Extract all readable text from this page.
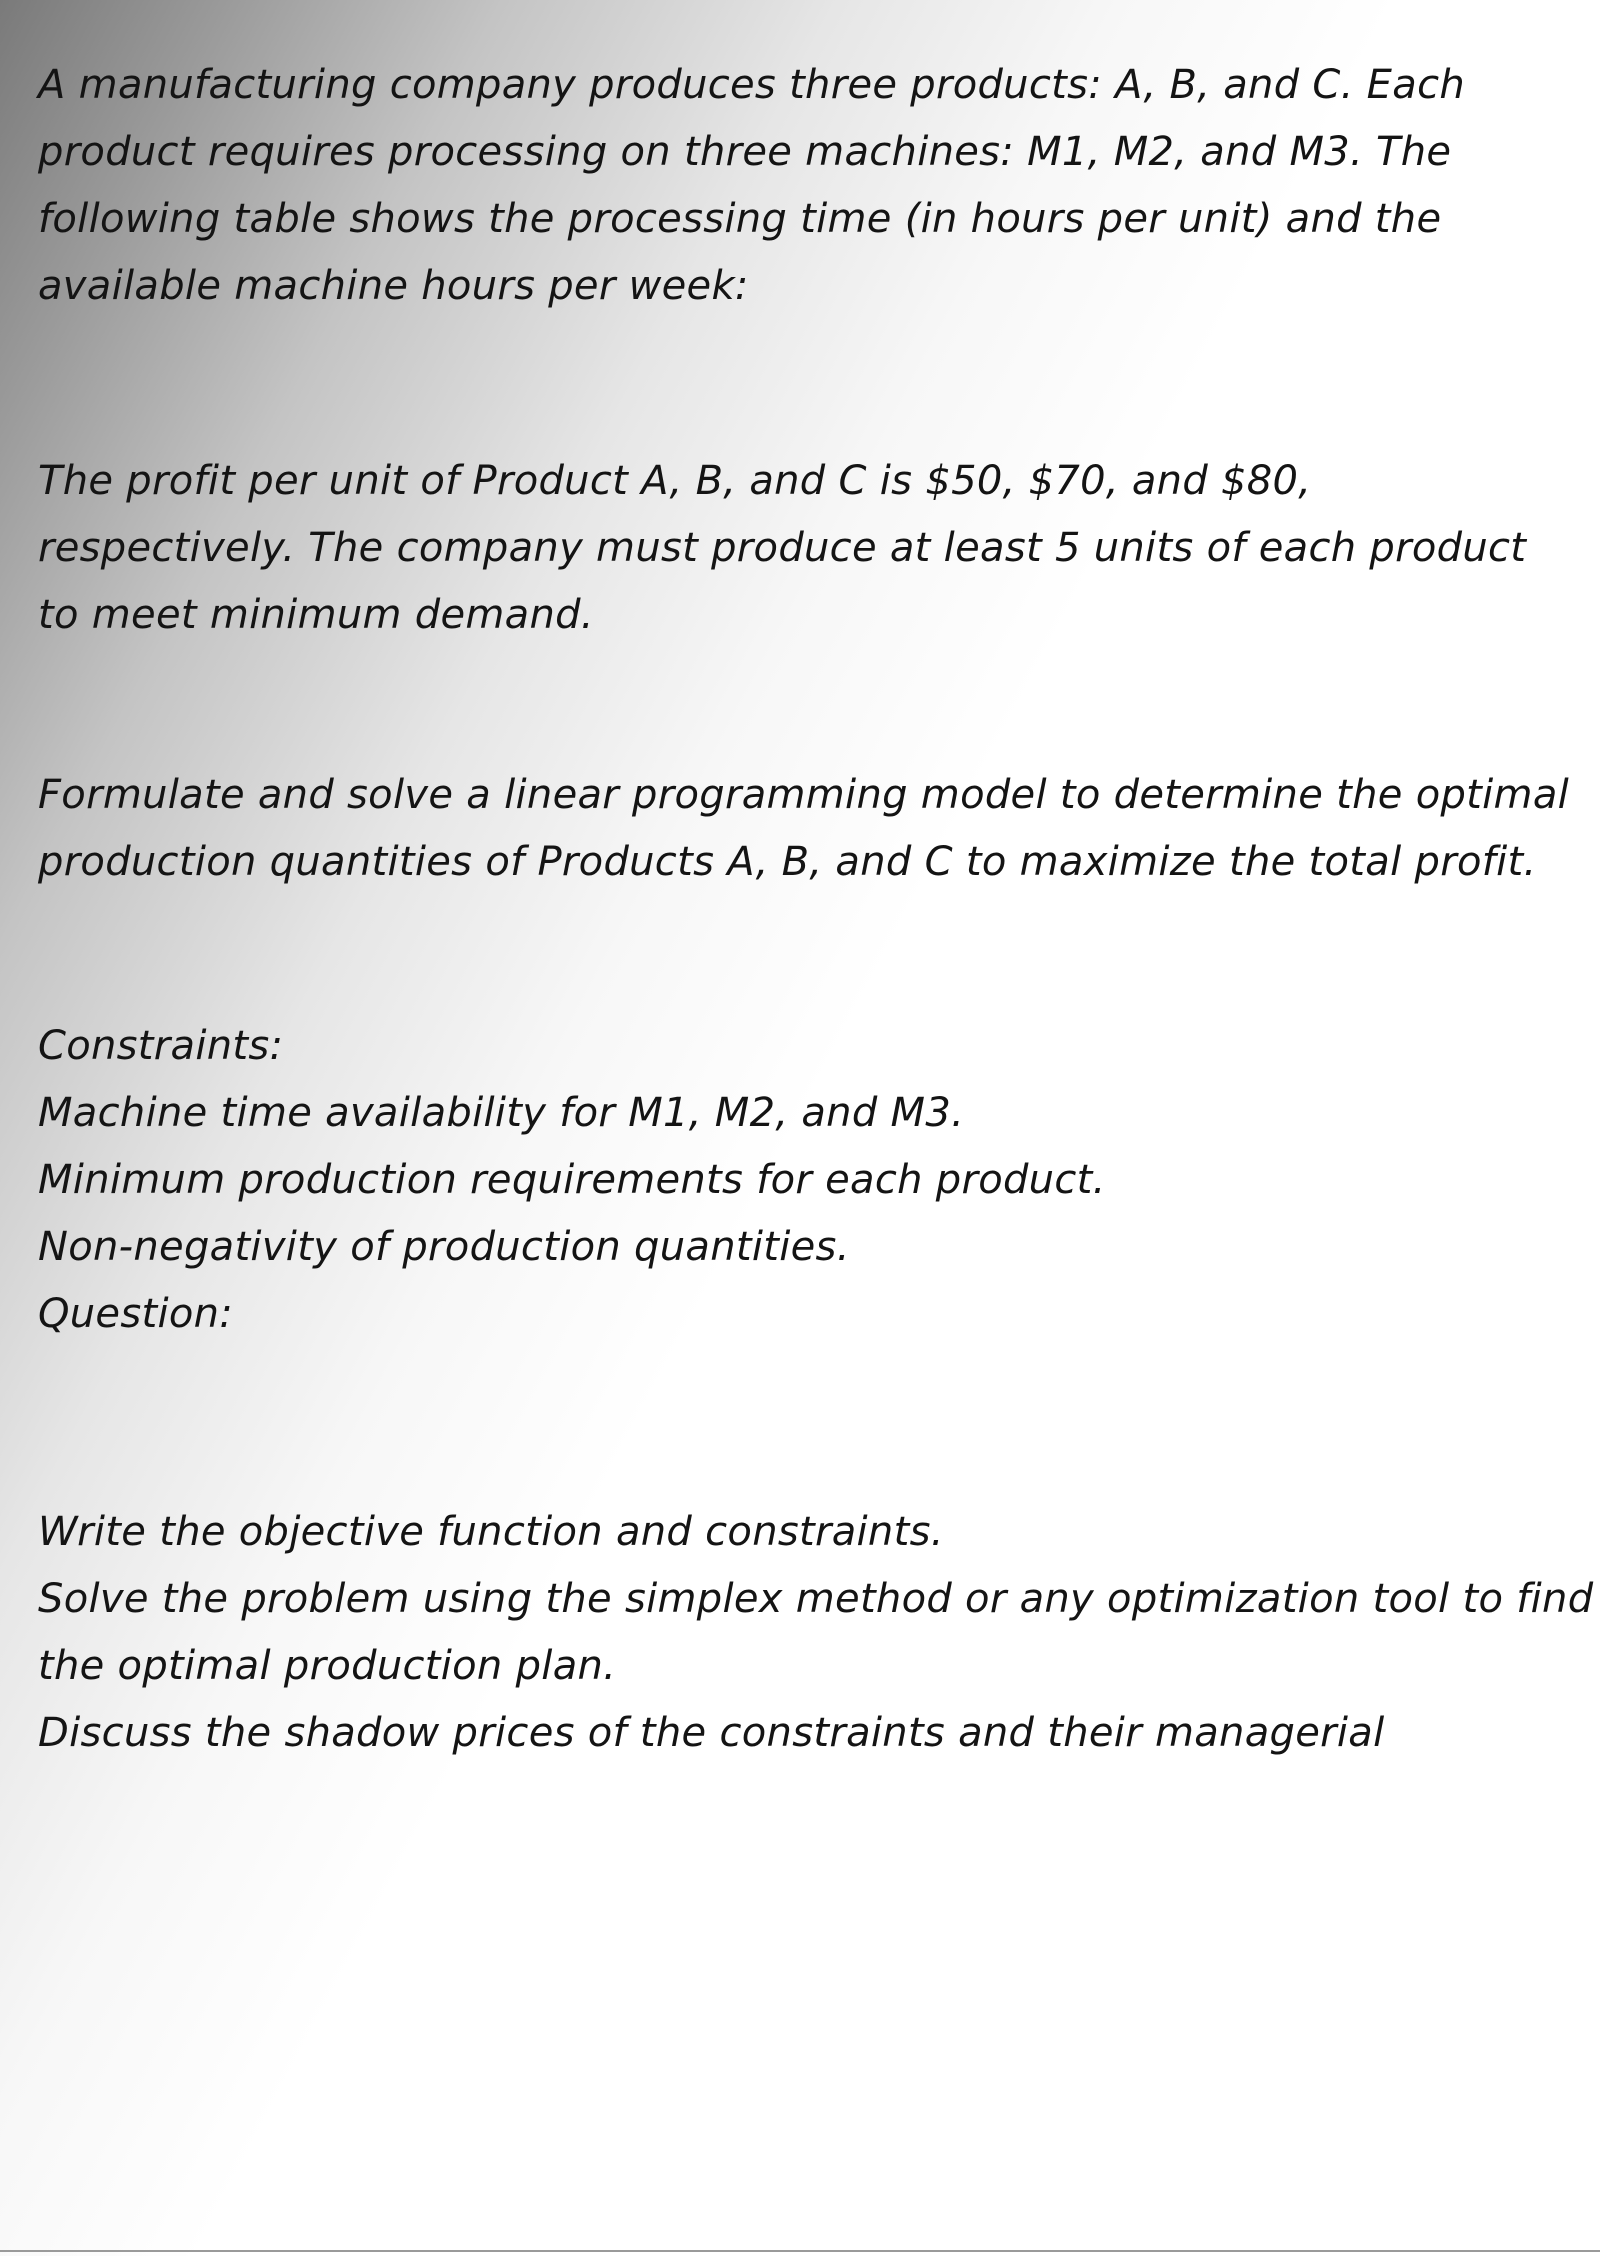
A manufacturing company produces three products: A, B, and C. Each
product requires processing on three machines: M1, M2, and M3. The
following table shows the processing time (in hours per unit) and the
available machine hours per week:

The profit per unit of Product A, B, and C is $50, $70, and $80,
respectively. The company must produce at least 5 units of each product
to meet minimum demand.

Formulate and solve a linear programming model to determine the optimal
production quantities of Products A, B, and C to maximize the total profit.

Constraints:
Machine time availability for M1, M2, and M3.
Minimum production requirements for each product.
Non-negativity of production quantities.
Question:

Write the objective function and constraints.
Solve the problem using the simplex method or any optimization tool to find
the optimal production plan.
Discuss the shadow prices of the constraints and their managerial
